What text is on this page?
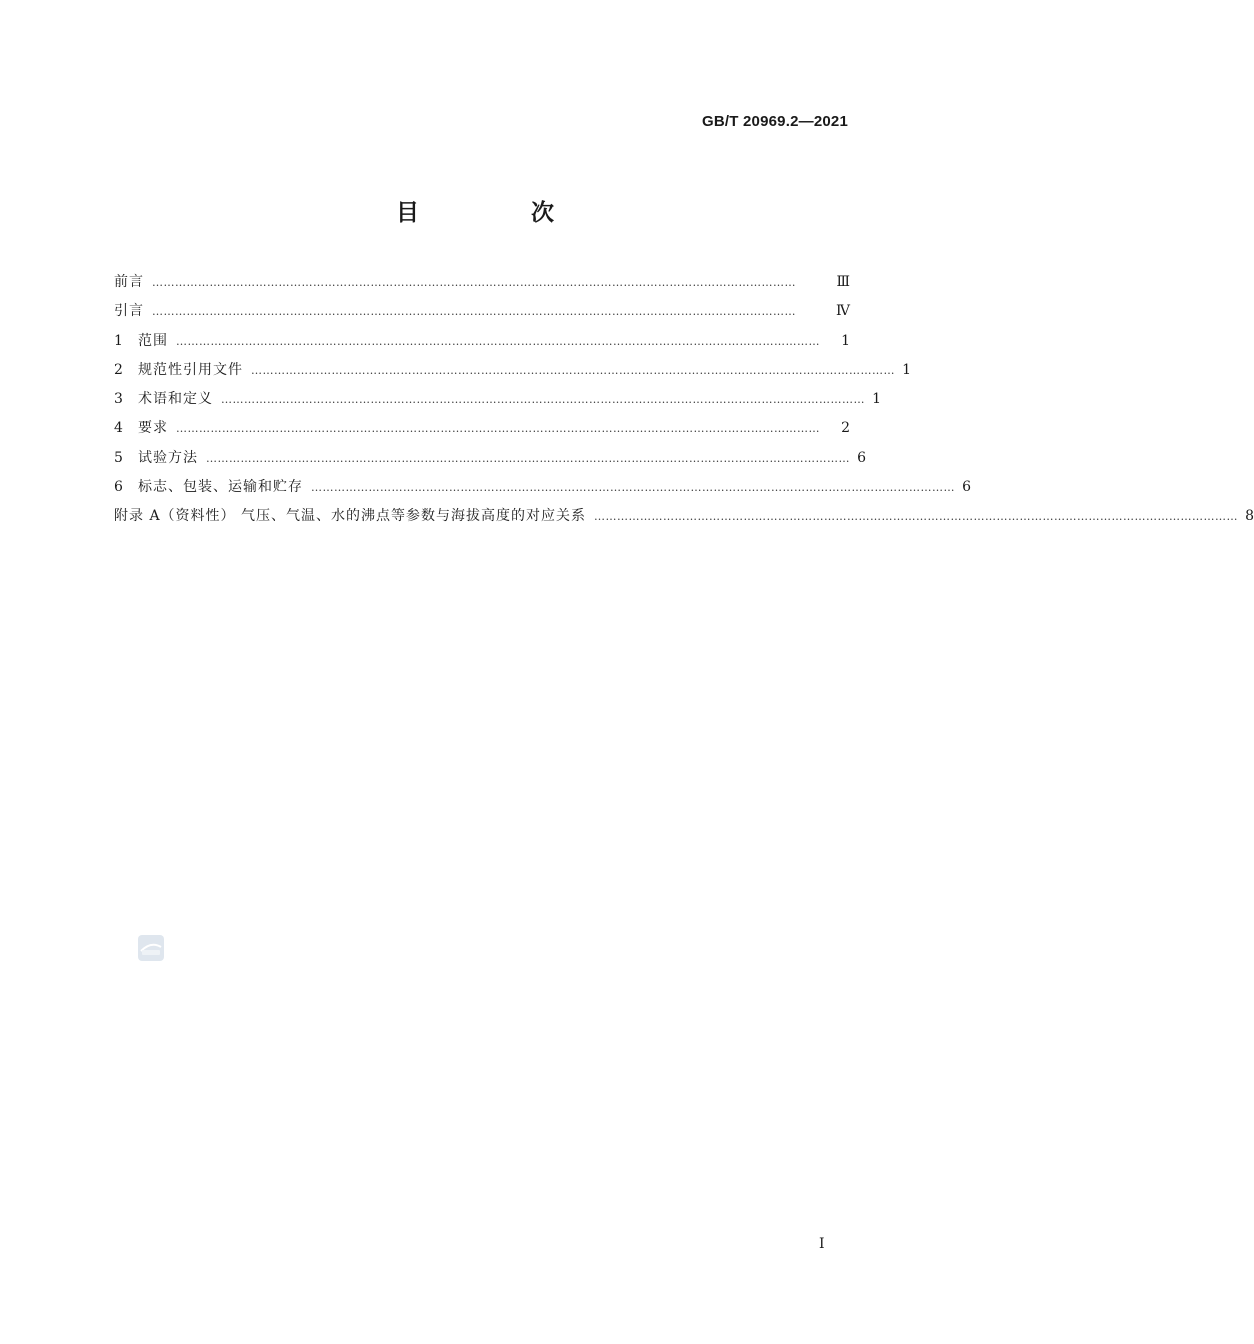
GB/T 20969.2—2021
目 次
前言 ……………………………………………………………………………………………………………………………………………………	Ⅲ
引言 ……………………………………………………………………………………………………………………………………………………	Ⅳ
1	范围 ……………………………………………………………………………………………………………………………………………………	1
2	规范性引用文件 …………………………………………………………………………………………………………………………………………………… 1
3	术语和定义 …………………………………………………………………………………………………………………………………………………… 1
4	要求 ……………………………………………………………………………………………………………………………………………………	2
5	试验方法 …………………………………………………………………………………………………………………………………………………… 6
6	标志、包装、运输和贮存 …………………………………………………………………………………………………………………………………………………… 6
附录 A（资料性） 气压、气温、水的沸点等参数与海拔高度的对应关系 …………………………………………………………………………………………………………………………………………………… 8
I
